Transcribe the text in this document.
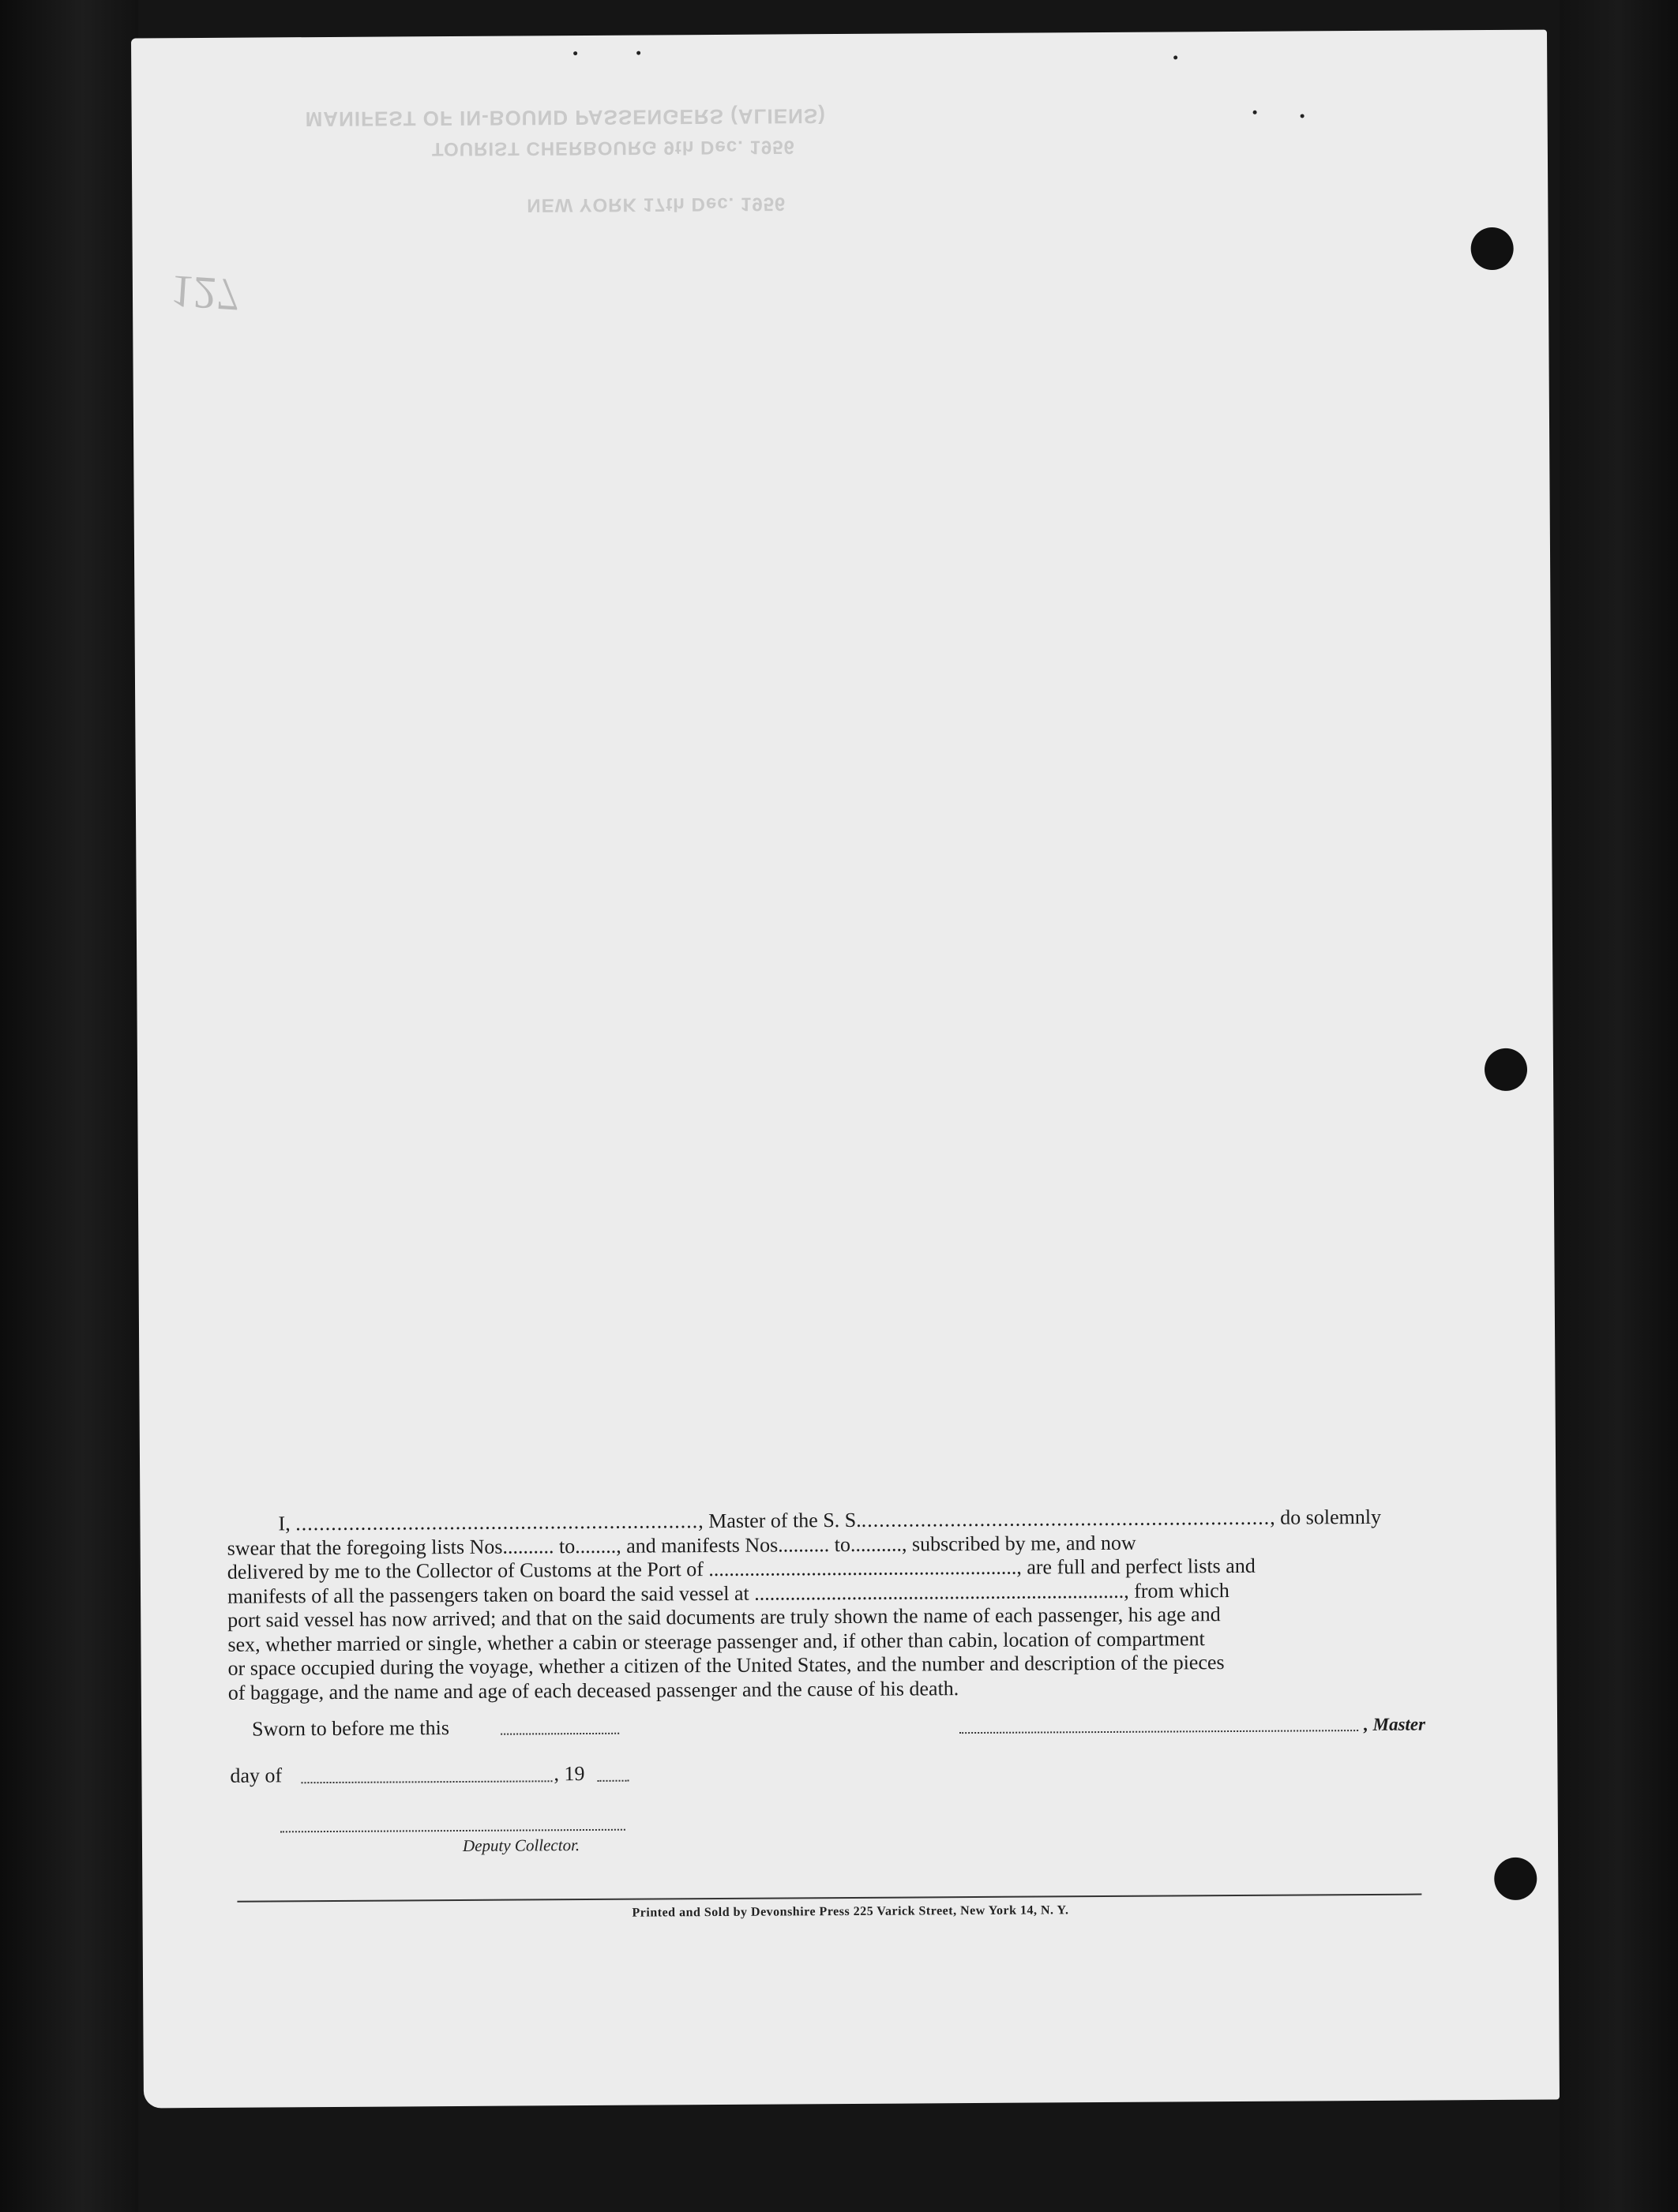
MANIFEST OF IN-BOUND PASSENGERS (ALIENS)
TOURIST CHERBOURG 9th Dec. 1956
NEW YORK 17th Dec. 1956
127

I, ...................................................................., Master of the S. S......................................................................, do solemnly

swear that the foregoing lists Nos.......... to........, and manifests Nos.......... to.........., subscribed by me, and now

delivered by me to the Collector of Customs at the Port of ............................................................, are full and perfect lists and

manifests of all the passengers taken on board the said vessel at ........................................................................, from which

port said vessel has now arrived; and that on the said documents are truly shown the name of each passenger, his age and

sex, whether married or single, whether a cabin or steerage passenger and, if other than cabin, location of compartment

or space occupied during the voyage, whether a citizen of the United States, and the number and description of the pieces

of baggage, and the name and age of each deceased passenger and the cause of his death.

Sworn to before me this	, Master
day of	, 19
Deputy Collector.
Printed and Sold by Devonshire Press 225 Varick Street, New York 14, N. Y.
